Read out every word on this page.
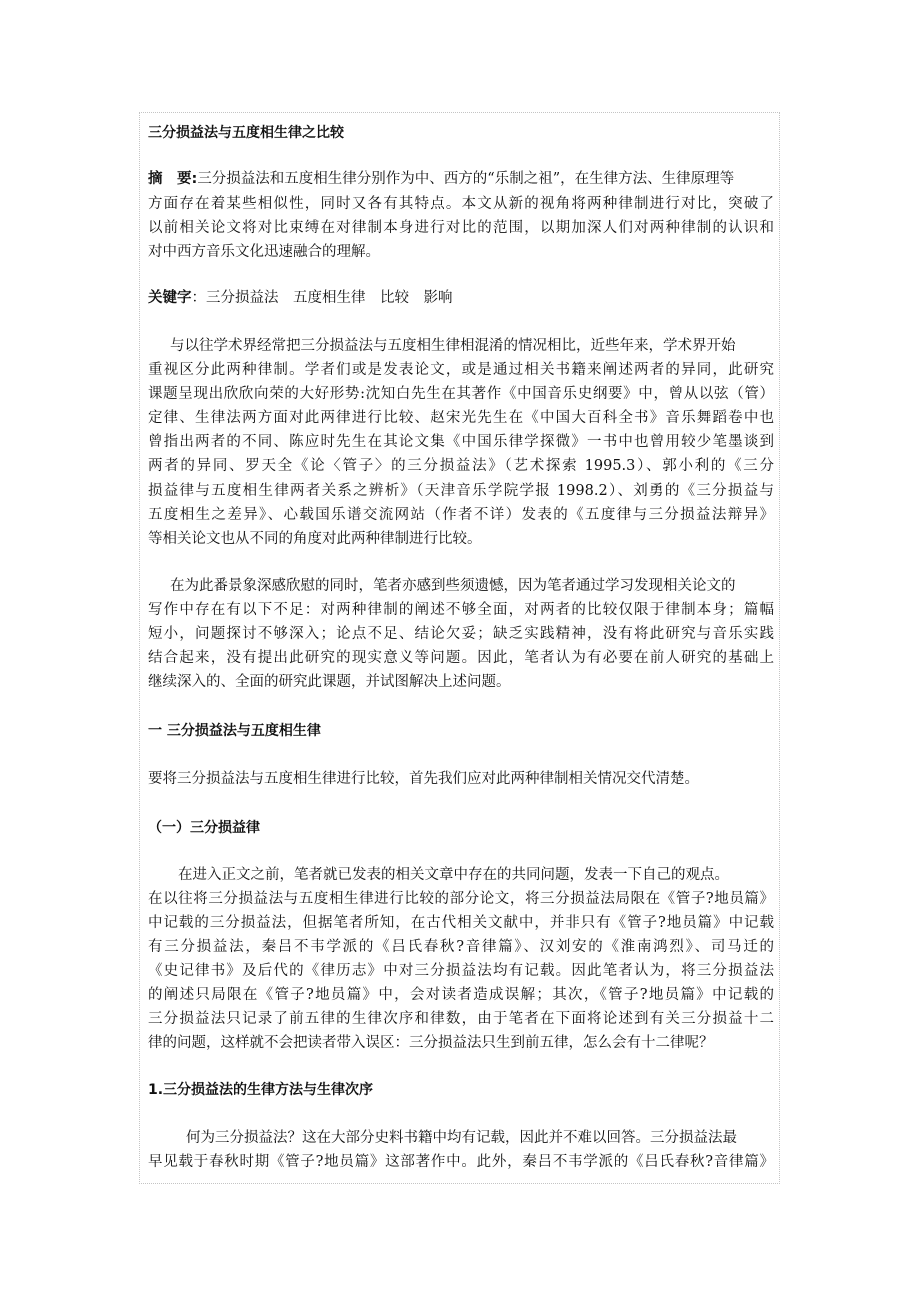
三分损益法与五度相生律之比较
摘　要:三分损益法和五度相生律分别作为中、西方的“乐制之祖”，在生律方法、生律原理等
方面存在着某些相似性，同时又各有其特点。本文从新的视角将两种律制进行对比，突破了
以前相关论文将对比束缚在对律制本身进行对比的范围，以期加深人们对两种律制的认识和
对中西方音乐文化迅速融合的理解。
关键字：三分损益法　五度相生律　比较　影响
与以往学术界经常把三分损益法与五度相生律相混淆的情况相比，近些年来，学术界开始
重视区分此两种律制。学者们或是发表论文，或是通过相关书籍来阐述两者的异同，此研究
课题呈现出欣欣向荣的大好形势:沈知白先生在其著作《中国音乐史纲要》中，曾从以弦（管）
定律、生律法两方面对此两律进行比较、赵宋光先生在《中国大百科全书》音乐舞蹈卷中也
曾指出两者的不同、陈应时先生在其论文集《中国乐律学探微》一书中也曾用较少笔墨谈到
两者的异同、罗天全《论〈管子〉的三分损益法》（艺术探索 1995.3）、郭小利的《三分
损益律与五度相生律两者关系之辨析》（天津音乐学院学报 1998.2）、刘勇的《三分损益与
五度相生之差异》、心载国乐谱交流网站（作者不详）发表的《五度律与三分损益法辩异》
等相关论文也从不同的角度对此两种律制进行比较。
在为此番景象深感欣慰的同时，笔者亦感到些须遗憾，因为笔者通过学习发现相关论文的
写作中存在有以下不足：对两种律制的阐述不够全面，对两者的比较仅限于律制本身；篇幅
短小，问题探讨不够深入；论点不足、结论欠妥；缺乏实践精神，没有将此研究与音乐实践
结合起来，没有提出此研究的现实意义等问题。因此，笔者认为有必要在前人研究的基础上
继续深入的、全面的研究此课题，并试图解决上述问题。
一 三分损益法与五度相生律
要将三分损益法与五度相生律进行比较，首先我们应对此两种律制相关情况交代清楚。
（一）三分损益律
在进入正文之前，笔者就已发表的相关文章中存在的共同问题，发表一下自己的观点。
在以往将三分损益法与五度相生律进行比较的部分论文，将三分损益法局限在《管子?地员篇》
中记载的三分损益法，但据笔者所知，在古代相关文献中，并非只有《管子?地员篇》中记载
有三分损益法，秦吕不韦学派的《吕氏春秋?音律篇》、汉刘安的《淮南鸿烈》、司马迁的
《史记律书》及后代的《律历志》中对三分损益法均有记载。因此笔者认为，将三分损益法
的阐述只局限在《管子?地员篇》中，会对读者造成误解；其次，《管子?地员篇》中记载的
三分损益法只记录了前五律的生律次序和律数，由于笔者在下面将论述到有关三分损益十二
律的问题，这样就不会把读者带入误区：三分损益法只生到前五律，怎么会有十二律呢？
1.三分损益法的生律方法与生律次序
何为三分损益法？这在大部分史料书籍中均有记载，因此并不难以回答。三分损益法最
早见载于春秋时期《管子?地员篇》这部著作中。此外，秦吕不韦学派的《吕氏春秋?音律篇》
